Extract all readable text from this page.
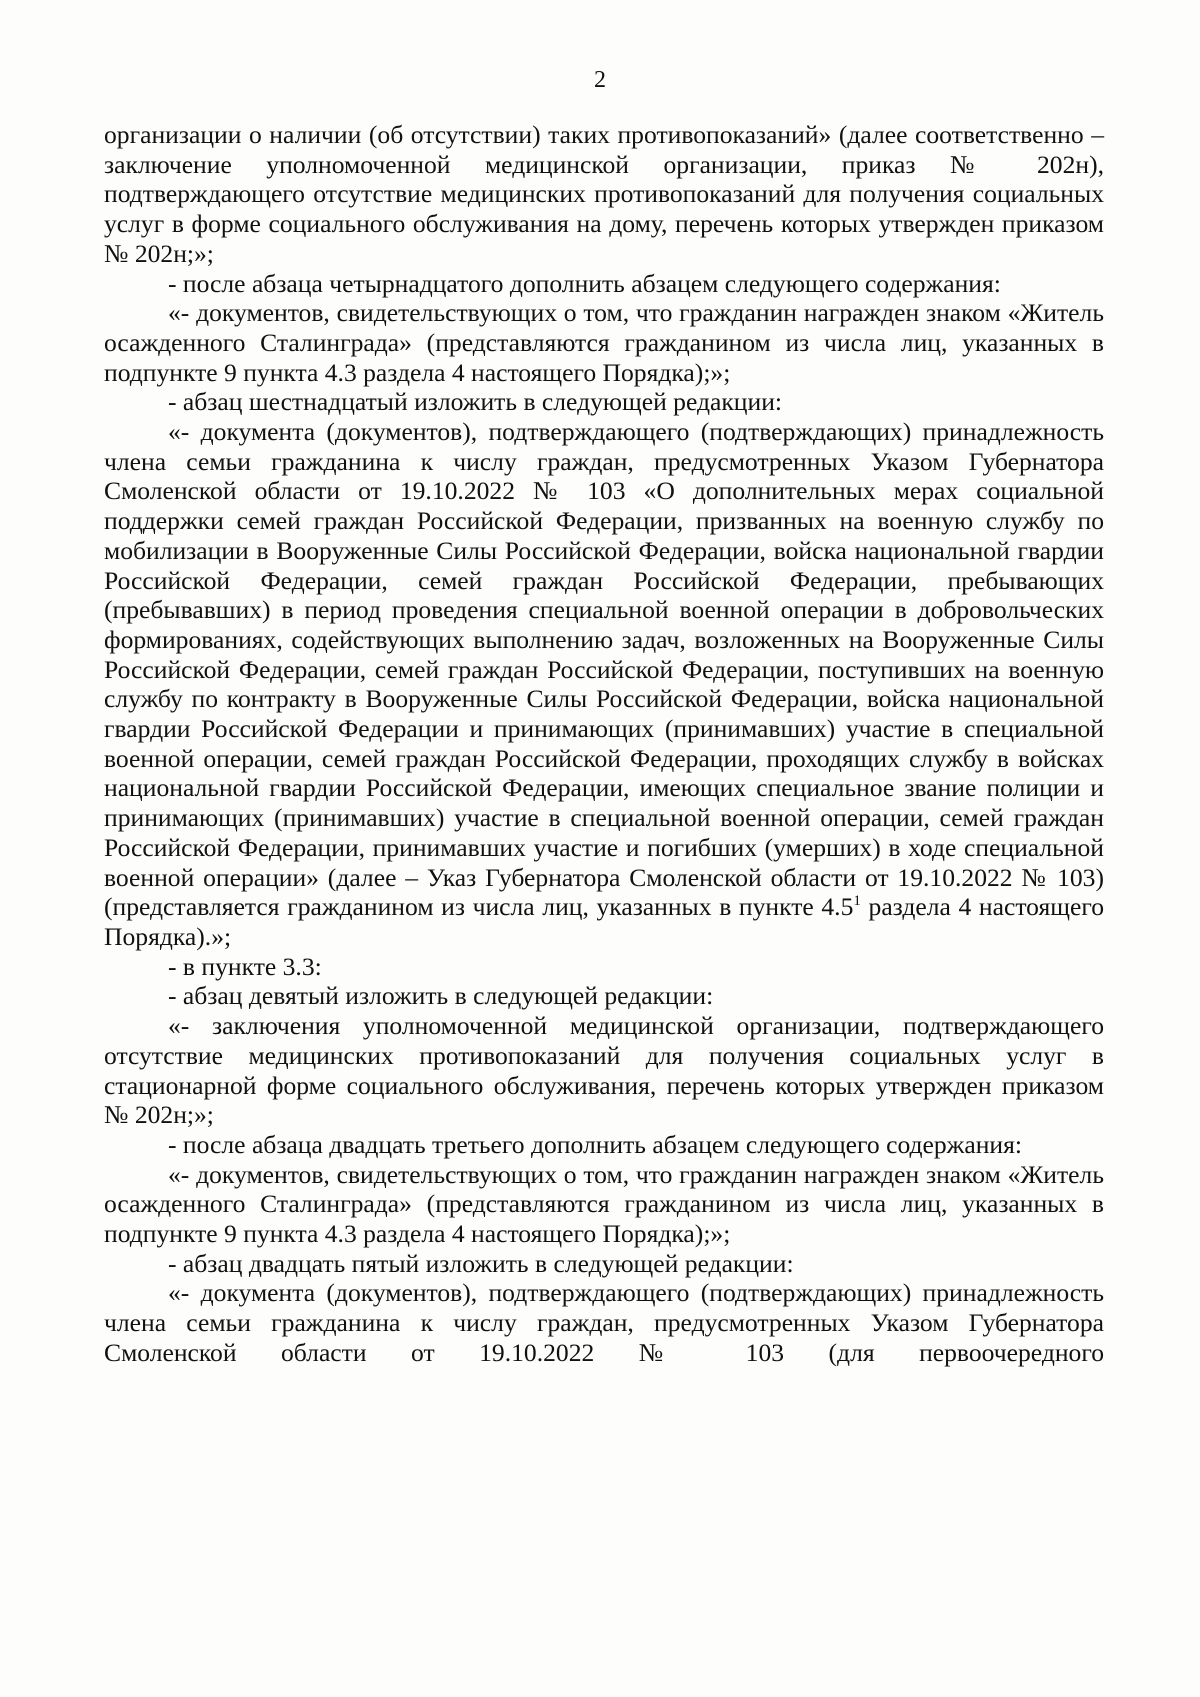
2

организации о наличии (об отсутствии) таких противопоказаний» (далее соответственно – заключение уполномоченной медицинской организации, приказ № 202н), подтверждающего отсутствие медицинских противопоказаний для получения социальных услуг в форме социального обслуживания на дому, перечень которых утвержден приказом № 202н;»;

- после абзаца четырнадцатого дополнить абзацем следующего содержания:

«- документов, свидетельствующих о том, что гражданин награжден знаком «Житель осажденного Сталинграда» (представляются гражданином из числа лиц, указанных в подпункте 9 пункта 4.3 раздела 4 настоящего Порядка);»;

- абзац шестнадцатый изложить в следующей редакции:

«- документа (документов), подтверждающего (подтверждающих) принадлежность члена семьи гражданина к числу граждан, предусмотренных Указом Губернатора Смоленской области от 19.10.2022 № 103 «О дополнительных мерах социальной поддержки семей граждан Российской Федерации, призванных на военную службу по мобилизации в Вооруженные Силы Российской Федерации, войска национальной гвардии Российской Федерации, семей граждан Российской Федерации, пребывающих (пребывавших) в период проведения специальной военной операции в добровольческих формированиях, содействующих выполнению задач, возложенных на Вооруженные Силы Российской Федерации, семей граждан Российской Федерации, поступивших на военную службу по контракту в Вооруженные Силы Российской Федерации, войска национальной гвардии Российской Федерации и принимающих (принимавших) участие в специальной военной операции, семей граждан Российской Федерации, проходящих службу в войсках национальной гвардии Российской Федерации, имеющих специальное звание полиции и принимающих (принимавших) участие в специальной военной операции, семей граждан Российской Федерации, принимавших участие и погибших (умерших) в ходе специальной военной операции» (далее – Указ Губернатора Смоленской области от 19.10.2022 № 103) (представляется гражданином из числа лиц, указанных в пункте $4.5^1$ раздела 4 настоящего Порядка).»;

- в пункте 3.3:

- абзац девятый изложить в следующей редакции:

«- заключения уполномоченной медицинской организации, подтверждающего отсутствие медицинских противопоказаний для получения социальных услуг в стационарной форме социального обслуживания, перечень которых утвержден приказом № 202н;»;

- после абзаца двадцать третьего дополнить абзацем следующего содержания:

«- документов, свидетельствующих о том, что гражданин награжден знаком «Житель осажденного Сталинграда» (представляются гражданином из числа лиц, указанных в подпункте 9 пункта 4.3 раздела 4 настоящего Порядка);»;

- абзац двадцать пятый изложить в следующей редакции:

«- документа (документов), подтверждающего (подтверждающих) принадлежность члена семьи гражданина к числу граждан, предусмотренных Указом Губернатора Смоленской области от 19.10.2022 № 103 (для первоочередного
